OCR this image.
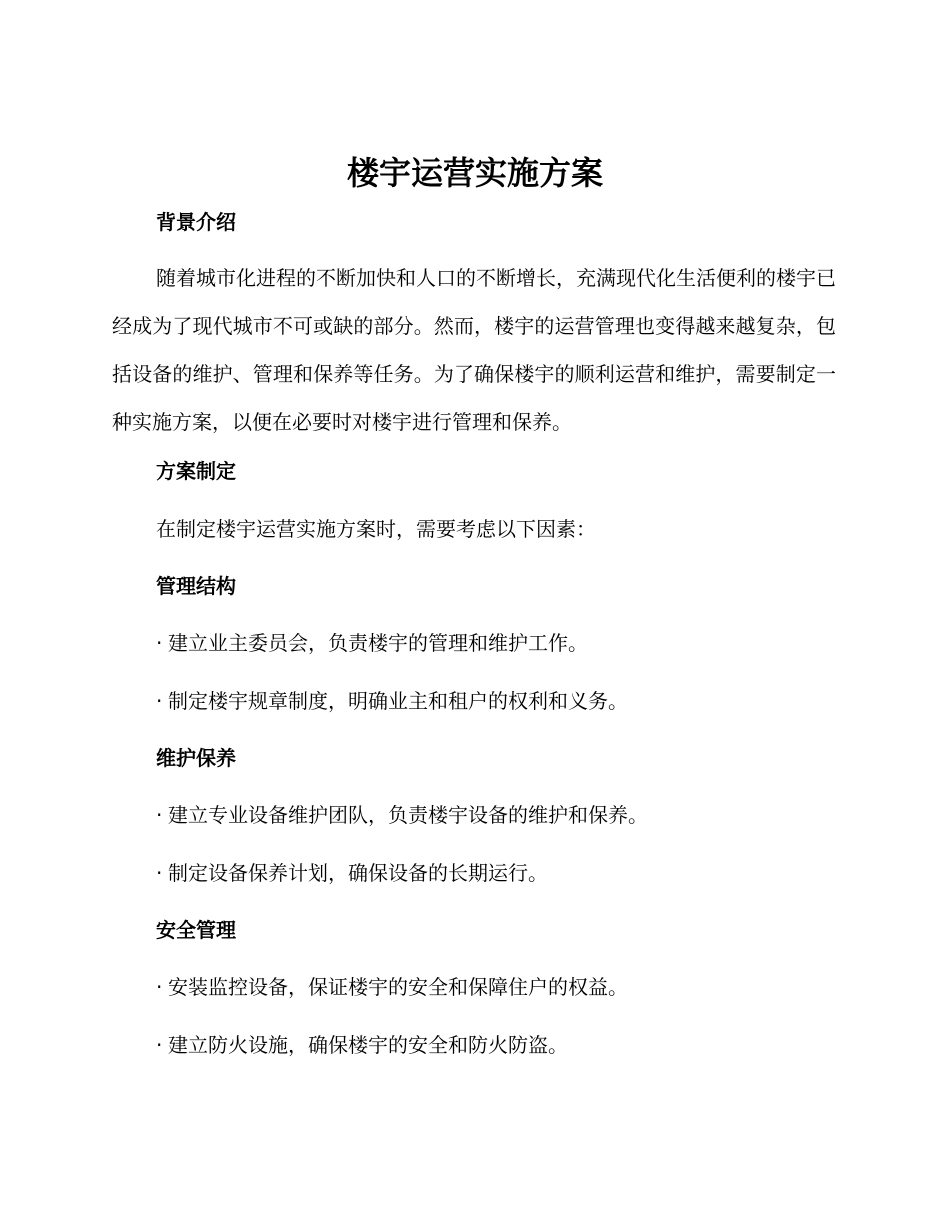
楼宇运营实施方案
背景介绍

随着城市化进程的不断加快和人口的不断增长，充满现代化生活便利的楼宇已经成为了现代城市不可或缺的部分。然而，楼宇的运营管理也变得越来越复杂，包括设备的维护、管理和保养等任务。为了确保楼宇的顺利运营和维护，需要制定一种实施方案，以便在必要时对楼宇进行管理和保养。

方案制定

在制定楼宇运营实施方案时，需要考虑以下因素：

管理结构

· 建立业主委员会，负责楼宇的管理和维护工作。

· 制定楼宇规章制度，明确业主和租户的权利和义务。

维护保养

· 建立专业设备维护团队，负责楼宇设备的维护和保养。

· 制定设备保养计划，确保设备的长期运行。

安全管理

· 安装监控设备，保证楼宇的安全和保障住户的权益。

· 建立防火设施，确保楼宇的安全和防火防盗。
